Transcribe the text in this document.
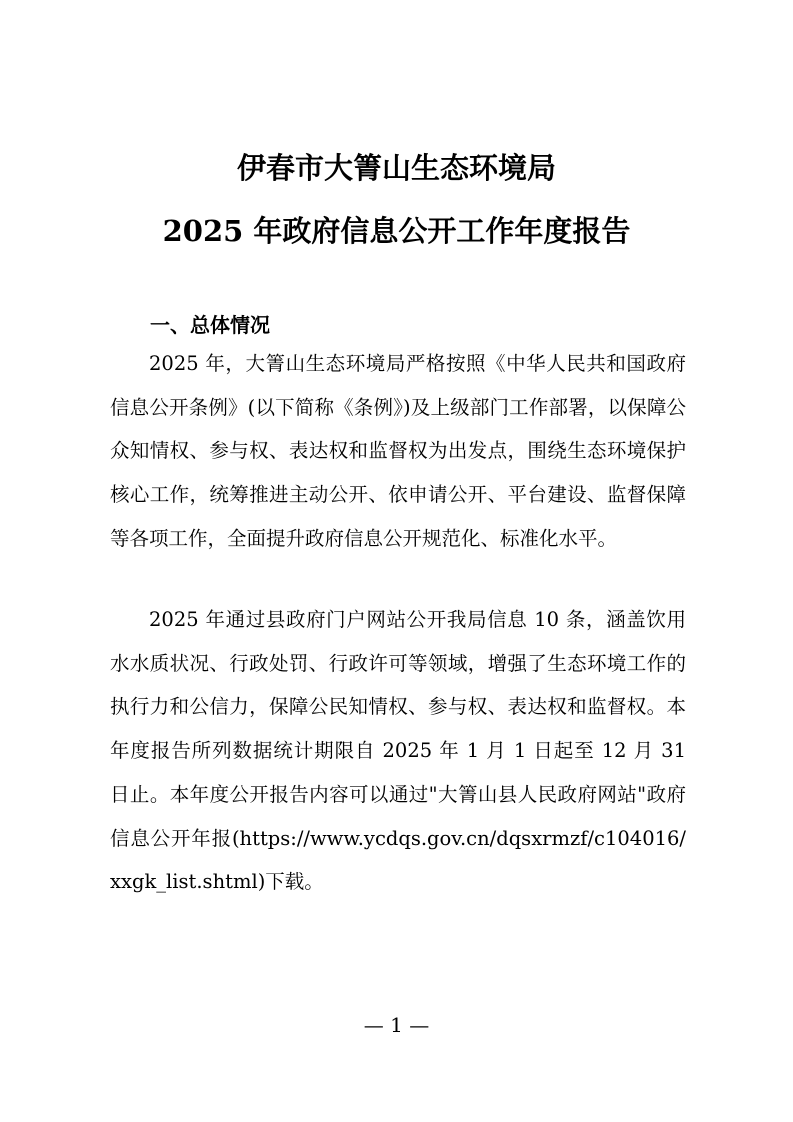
伊春市大箐山生态环境局
2025 年政府信息公开工作年度报告
一、总体情况

2025 年，大箐山生态环境局严格按照《中华人民共和国政府信息公开条例》(以下简称《条例》)及上级部门工作部署，以保障公众知情权、参与权、表达权和监督权为出发点，围绕生态环境保护核心工作，统筹推进主动公开、依申请公开、平台建设、监督保障等各项工作，全面提升政府信息公开规范化、标准化水平。

2025 年通过县政府门户网站公开我局信息 10 条，涵盖饮用水水质状况、行政处罚、行政许可等领域，增强了生态环境工作的执行力和公信力，保障公民知情权、参与权、表达权和监督权。本年度报告所列数据统计期限自 2025 年 1 月 1 日起至 12 月 31 日止。本年度公开报告内容可以通过"大箐山县人民政府网站"政府信息公开年报(https://www.ycdqs.gov.cn/dqsxrmzf/c104016/xxgk_list.shtml)下载。

— 1 —
